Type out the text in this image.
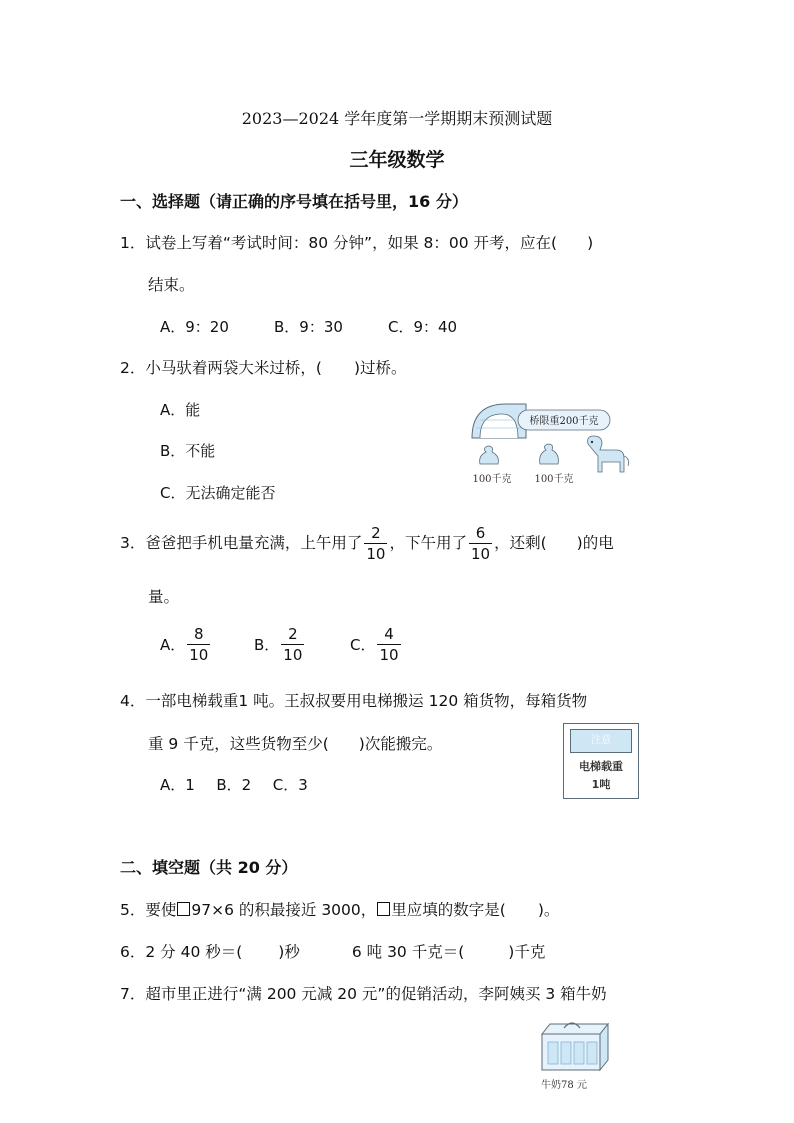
2023—2024 学年度第一学期期末预测试题
三年级数学
一、选择题（请正确的序号填在括号里，16 分）
1．试卷上写着“考试时间：80 分钟”，如果 8：00 开考，应在( )
结束。
A．9：20	B．9：30	C．9：40
2．小马驮着两袋大米过桥，( )过桥。
A．能
B．不能
C．无法确定能否
桥限重200千克
100千克 100千克
3．爸爸把手机电量充满，上午用了 $\frac{2}{10}$ ，下午用了 $\frac{6}{10}$ ，还剩( )的电
量。
A． $\frac{8}{10}$	B． $\frac{2}{10}$	C． $\frac{4}{10}$
4．一部电梯载重1 吨。王叔叔要用电梯搬运 120 箱货物，每箱货物
重 9 千克，这些货物至少( )次能搬完。
A．1 B．2 C．3
注意
电梯载重
1吨
二、填空题（共 20 分）
5．要使 97×6 的积最接近 3000， 里应填的数字是( )。
6．2 分 40 秒＝( )秒	6 吨 30 千克＝(	)千克
7．超市里正进行“满 200 元减 20 元”的促销活动，李阿姨买 3 箱牛奶
牛奶78 元
